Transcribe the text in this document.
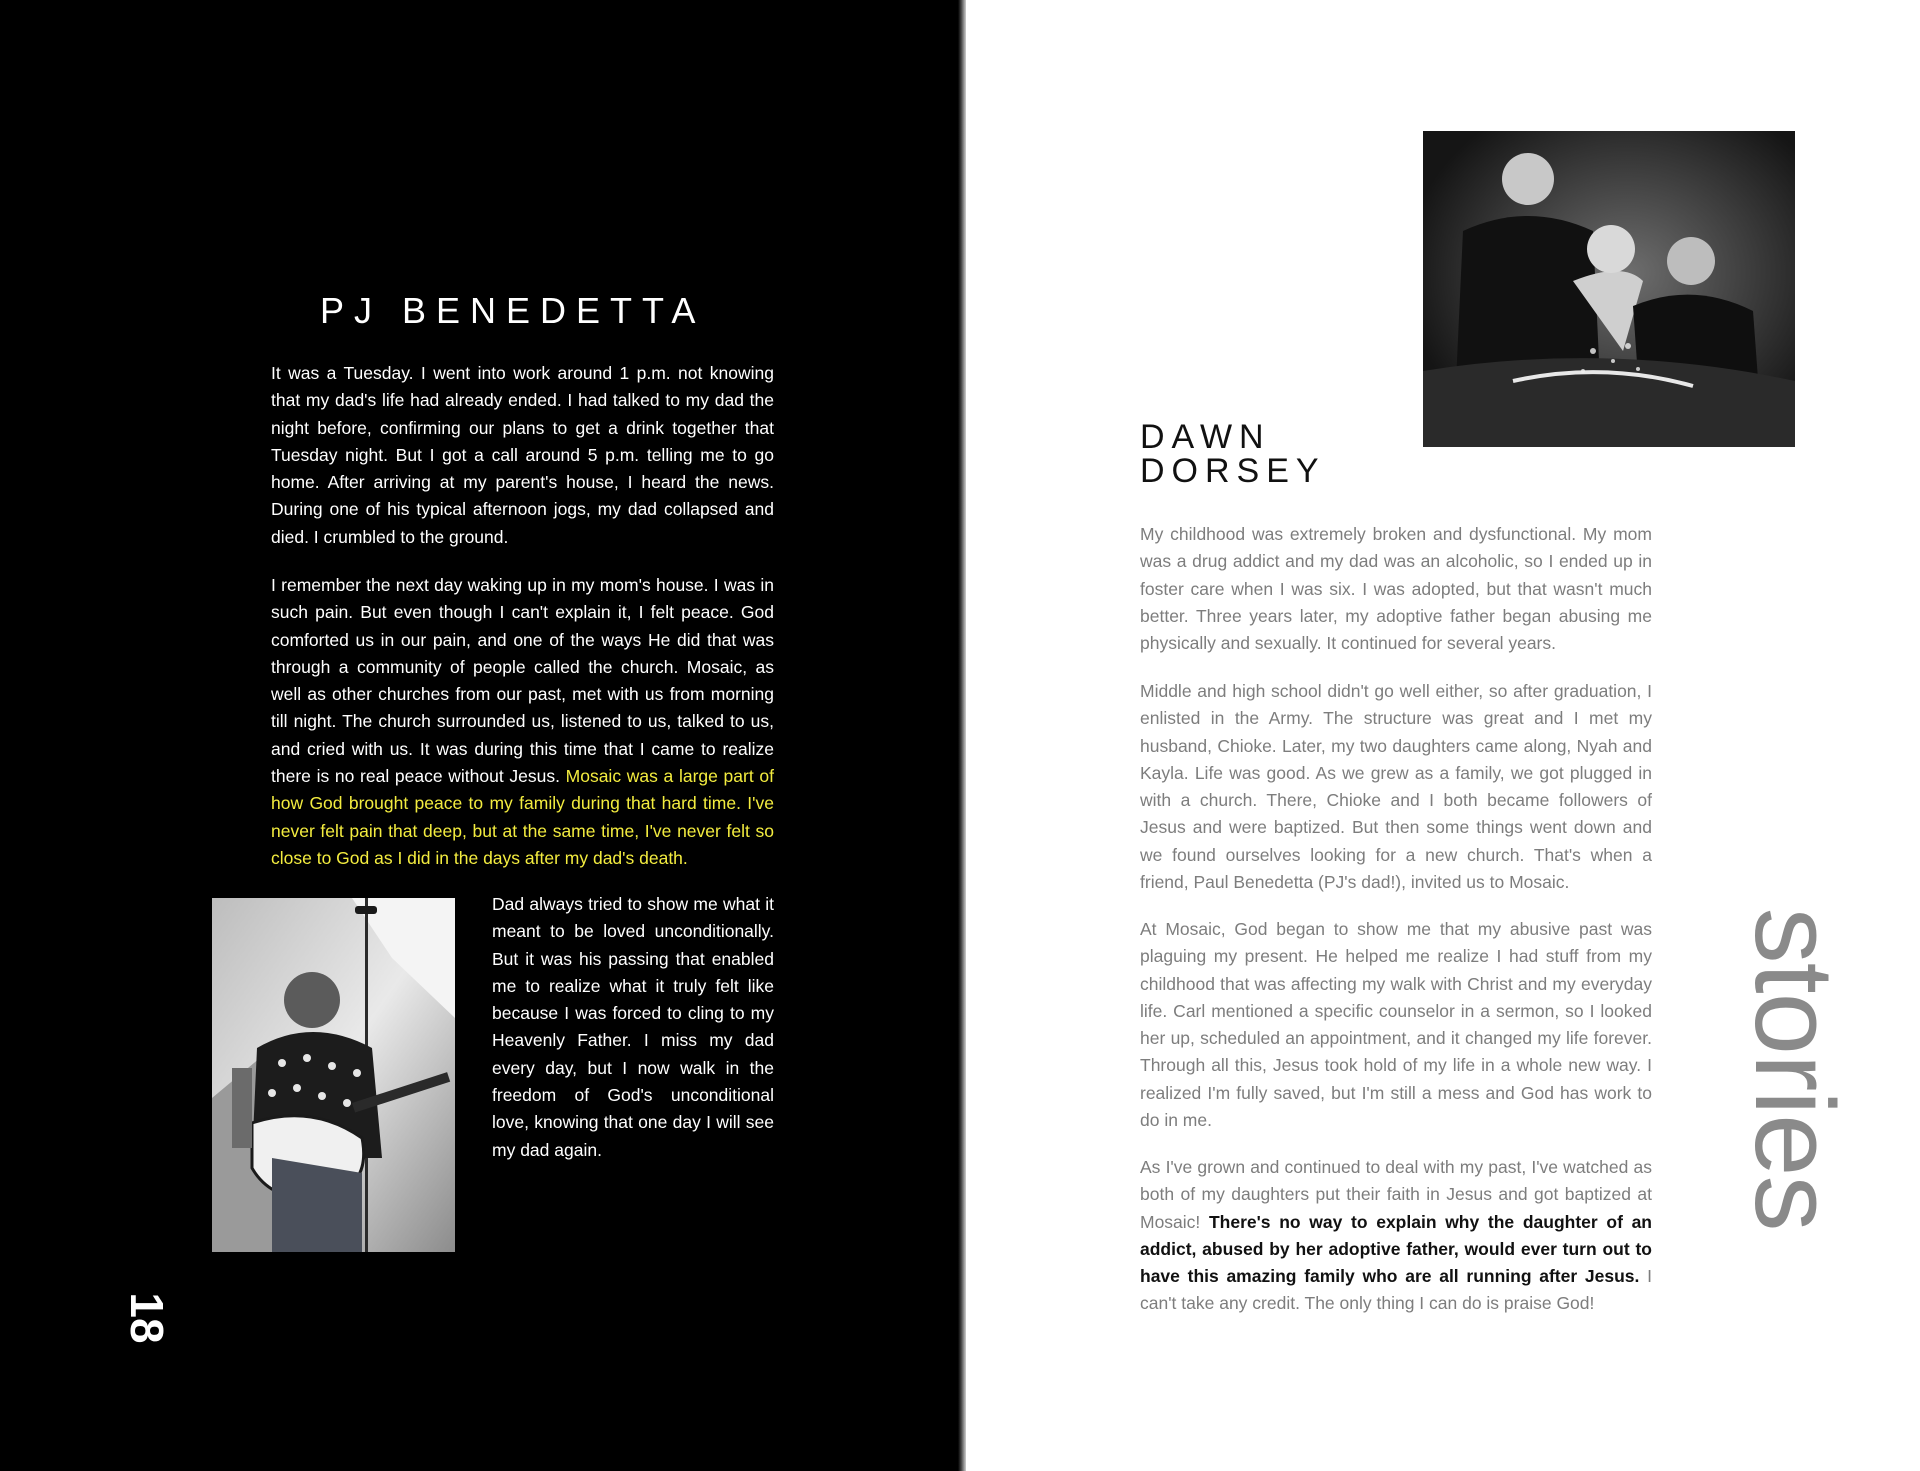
PJ BENEDETTA

It was a Tuesday. I went into work around 1 p.m. not knowing that my dad's life had already ended. I had talked to my dad the night before, confirming our plans to get a drink together that Tuesday night. But I got a call around 5 p.m. telling me to go home. After arriving at my parent's house, I heard the news. During one of his typical afternoon jogs, my dad collapsed and died. I crumbled to the ground.

I remember the next day waking up in my mom's house. I was in such pain. But even though I can't explain it, I felt peace. God comforted us in our pain, and one of the ways He did that was through a community of people called the church. Mosaic, as well as other churches from our past, met with us from morning till night. The church surrounded us, listened to us, talked to us, and cried with us. It was during this time that I came to realize there is no real peace without Jesus. Mosaic was a large part of how God brought peace to my family during that hard time. I've never felt pain that deep, but at the same time, I've never felt so close to God as I did in the days after my dad's death.

Dad always tried to show me what it meant to be loved unconditionally. But it was his passing that enabled me to realize what it truly felt like because I was forced to cling to my Heavenly Father. I miss my dad every day, but I now walk in the freedom of God's unconditional love, knowing that one day I will see my dad again.

18
DAWN
DORSEY

My childhood was extremely broken and dysfunctional. My mom was a drug addict and my dad was an alcoholic, so I ended up in foster care when I was six. I was adopted, but that wasn't much better. Three years later, my adoptive father began abusing me physically and sexually. It continued for several years.

Middle and high school didn't go well either, so after graduation, I enlisted in the Army. The structure was great and I met my husband, Chioke. Later, my two daughters came along, Nyah and Kayla. Life was good. As we grew as a family, we got plugged in with a church. There, Chioke and I both became followers of Jesus and were baptized. But then some things went down and we found ourselves looking for a new church. That's when a friend, Paul Benedetta (PJ's dad!), invited us to Mosaic.

At Mosaic, God began to show me that my abusive past was plaguing my present. He helped me realize I had stuff from my childhood that was affecting my walk with Christ and my everyday life. Carl mentioned a specific counselor in a sermon, so I looked her up, scheduled an appointment, and it changed my life forever. Through all this, Jesus took hold of my life in a whole new way. I realized I'm fully saved, but I'm still a mess and God has work to do in me.

As I've grown and continued to deal with my past, I've watched as both of my daughters put their faith in Jesus and got baptized at Mosaic! There's no way to explain why the daughter of an addict, abused by her adoptive father, would ever turn out to have this amazing family who are all running after Jesus. I can't take any credit. The only thing I can do is praise God!

stories
